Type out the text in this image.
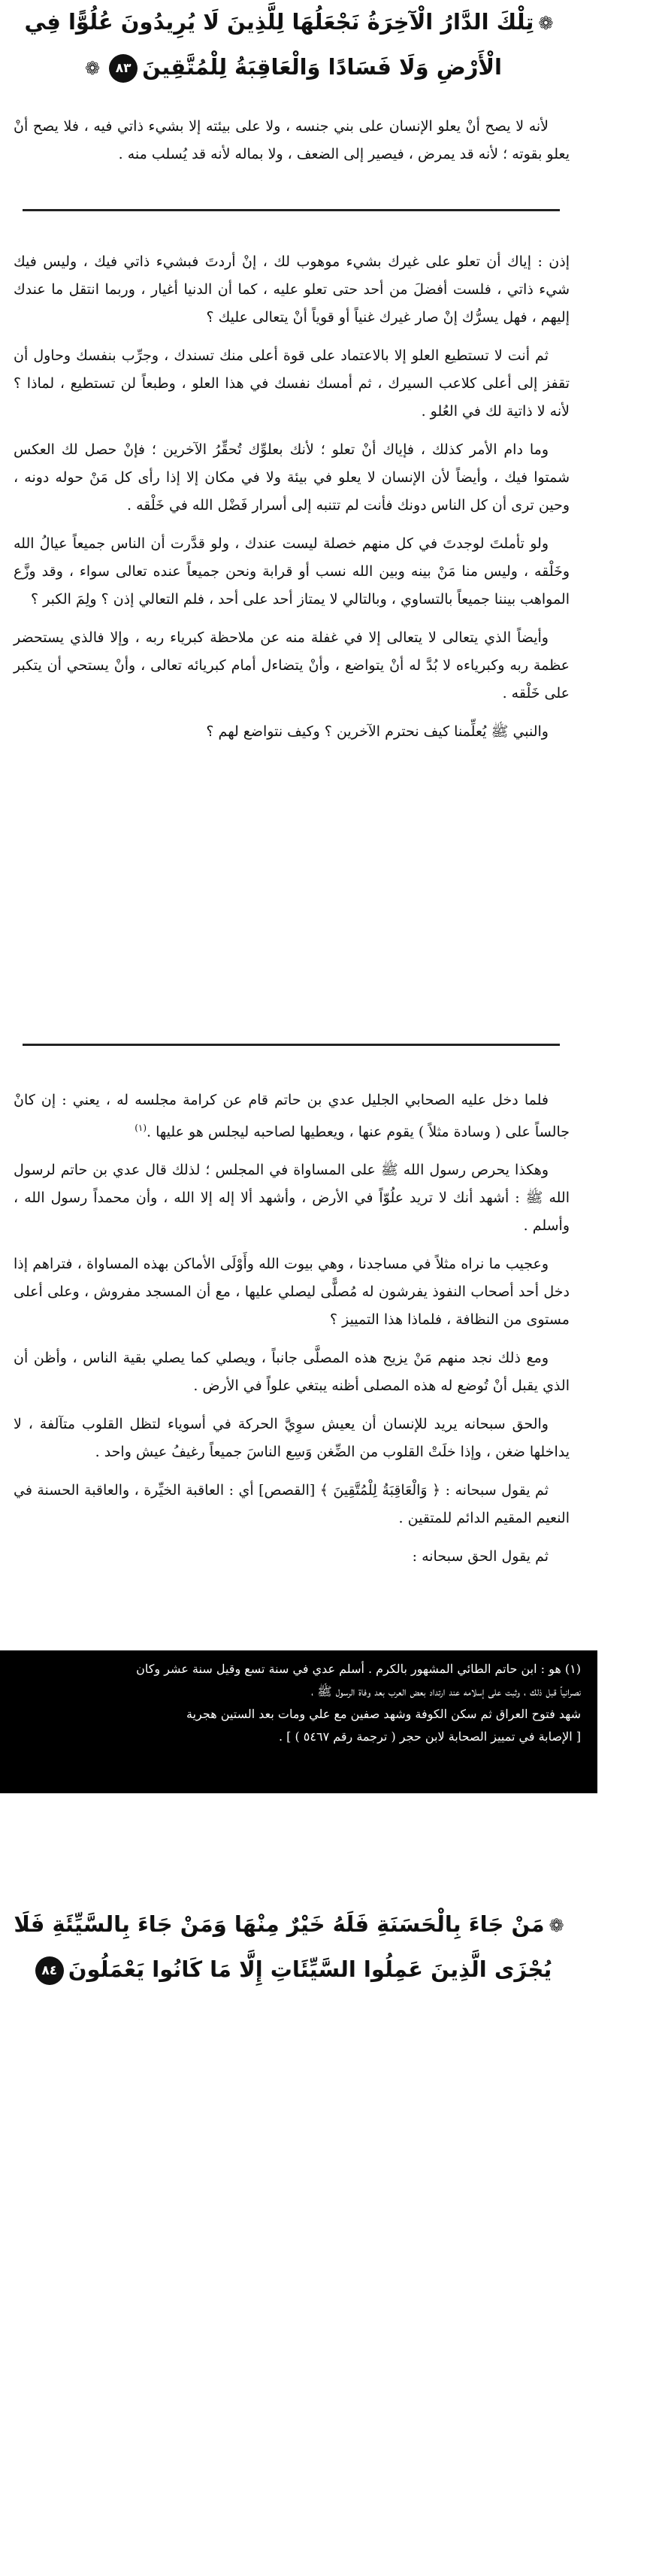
❁تِلْكَ الدَّارُ الْآخِرَةُ نَجْعَلُهَا لِلَّذِينَ لَا يُرِيدُونَ عُلُوًّا فِي
الْأَرْضِ وَلَا فَسَادًا وَالْعَاقِبَةُ لِلْمُتَّقِينَ٨٣❁

لأنه لا يصح أنْ يعلو الإنسان على بني جنسه ، ولا على بيئته إلا بشيء ذاتي فيه ، فلا يصح أنْ يعلو بقوته ؛ لأنه قد يمرض ، فيصير إلى الضعف ، ولا بماله لأنه قد يُسلب منه .

إذن : إياك أن تعلو على غيرك بشيء موهوب لك ، إنْ أردتَ فبشيء ذاتي فيك ، وليس فيك شيء ذاتي ، فلست أفضلَ من أحد حتى تعلو عليه ، كما أن الدنيا أغيار ، وربما انتقل ما عندك إليهم ، فهل يسرُّك إنْ صار غيرك غنياً أو قوياً أنْ يتعالى عليك ؟

ثم أنت لا تستطيع العلو إلا بالاعتماد على قوة أعلى منك تسندك ، وجرِّب بنفسك وحاول أن تقفز إلى أعلى كلاعب السيرك ، ثم أمسك نفسك في هذا العلو ، وطبعاً لن تستطيع ، لماذا ؟ لأنه لا ذاتية لك في العُلو .

وما دام الأمر كذلك ، فإياك أنْ تعلو ؛ لأنك بعلوِّك تُحقِّرُ الآخرين ؛ فإنْ حصل لك العكس شمتوا فيك ، وأيضاً لأن الإنسان لا يعلو في بيئة ولا في مكان إلا إذا رأى كل مَنْ حوله دونه ، وحين ترى أن كل الناس دونك فأنت لم تتنبه إلى أسرار فَضْل الله في خَلْقه .

ولو تأملتَ لوجدتَ في كل منهم خصلة ليست عندك ، ولو قدَّرت أن الناس جميعاً عيالُ الله وخَلْقه ، وليس منا مَنْ بينه وبين الله نسب أو قرابة ونحن جميعاً عنده تعالى سواء ، وقد وزَّع المواهب بيننا جميعاً بالتساوي ، وبالتالي لا يمتاز أحد على أحد ، فلم التعالي إذن ؟ ولِمَ الكبر ؟

وأيضاً الذي يتعالى لا يتعالى إلا في غفلة منه عن ملاحظة كبرياء ربه ، وإلا فالذي يستحضر عظمة ربه وكبرياءه لا بُدَّ له أنْ يتواضع ، وأنْ يتضاءل أمام كبريائه تعالى ، وأنْ يستحي أن يتكبر على خَلْقه .

والنبي ﷺ يُعلِّمنا كيف نحترم الآخرين ؟ وكيف نتواضع لهم ؟

فلما دخل عليه الصحابي الجليل عدي بن حاتم قام عن كرامة مجلسه له ، يعني : إن كانْ جالساً على ( وسادة مثلاً ) يقوم عنها ، ويعطيها لصاحبه ليجلس هو عليها .$^{(١)}$

وهكذا يحرص رسول الله ﷺ على المساواة في المجلس ؛ لذلك قال عدي بن حاتم لرسول الله ﷺ : أشهد أنك لا تريد علُوّاً في الأرض ، وأشهد ألا إله إلا الله ، وأن محمداً رسول الله ، وأسلم .

وعجيب ما نراه مثلاً في مساجدنا ، وهي بيوت الله وأَوْلَى الأماكن بهذه المساواة ، فتراهم إذا دخل أحد أصحاب النفوذ يفرشون له مُصلًّى ليصلي عليها ، مع أن المسجد مفروش ، وعلى أعلى مستوى من النظافة ، فلماذا هذا التمييز ؟

ومع ذلك نجد منهم مَنْ يزيح هذه المصلَّى جانباً ، ويصلي كما يصلي بقية الناس ، وأظن أن الذي يقبل أنْ تُوضع له هذه المصلى أظنه يبتغي علواً في الأرض .

والحق سبحانه يريد للإنسان أن يعيش سوِيَّ الحركة في أسوياء لتظل القلوب متآلفة ، لا يداخلها ضغن ، وإذا خلَتْ القلوب من الضِّغن وَسِع الناسَ جميعاً رغيفُ عيش واحد .

ثم يقول سبحانه : ﴿ وَالْعَاقِبَةُ لِلْمُتَّقِينَ ﴾ [القصص] أي : العاقبة الخيِّرة ، والعاقبة الحسنة في النعيم المقيم الدائم للمتقين .

ثم يقول الحق سبحانه :

(١) هو : ابن حاتم الطائي المشهور بالكرم . أسلم عدي في سنة تسع وقيل سنة عشر وكان
نصرانياً قبل ذلك ، وثبت على إسلامه عند ارتداد بعض العرب بعد وفاة الرسول ﷺ ،
شهد فتوح العراق ثم سكن الكوفة وشهد صفين مع علي ومات بعد الستين هجرية
[ الإصابة في تمييز الصحابة لابن حجر ( ترجمة رقم ٥٤٦٧ ) ] .
❁مَنْ جَاءَ بِالْحَسَنَةِ فَلَهُ خَيْرٌ مِنْهَا وَمَنْ جَاءَ بِالسَّيِّئَةِ فَلَا
يُجْزَى الَّذِينَ عَمِلُوا السَّيِّئَاتِ إِلَّا مَا كَانُوا يَعْمَلُونَ٨٤
